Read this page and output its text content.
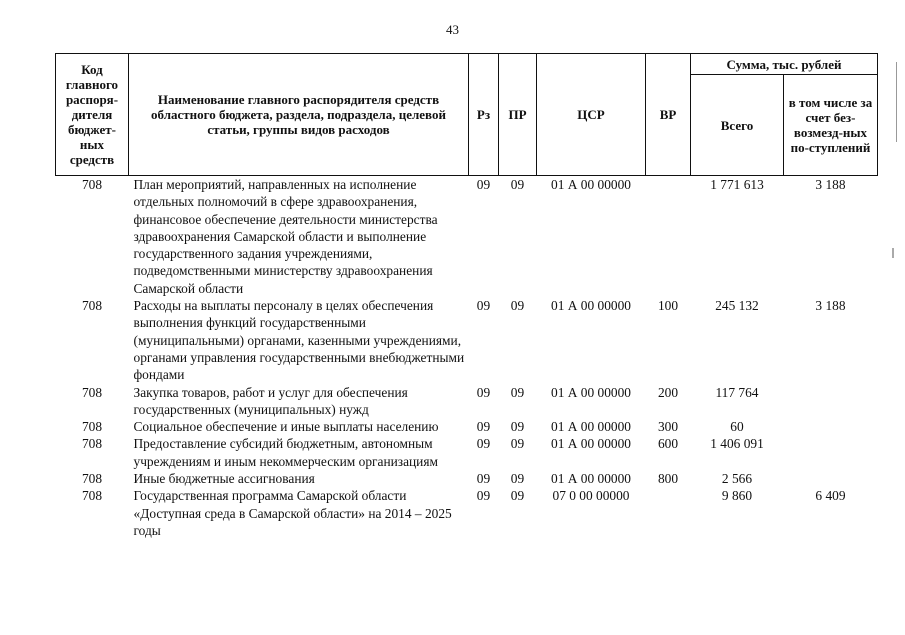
43
Код главного распоря-дителя бюджет-ных средств	Наименование главного распорядителя средств областного бюджета, раздела, подраздела, целевой статьи, группы видов расходов	Рз	ПР	ЦСР	ВР	Сумма, тыс. рублей	
						Всего	в том числе за счет без-возмезд-ных по-ступлений
708	План мероприятий, направленных на исполнение отдельных полномочий в сфере здравоохранения, финансовое обеспечение деятельности министерства здравоохранения Самарской области и выполнение государственного задания учреждениями, подведомственными министерству здравоохранения Самарской области	09	09	01 А 00 00000		1 771 613	3 188
708	Расходы на выплаты персоналу в целях обеспечения выполнения функций государственными (муниципальными) органами, казенными учреждениями, органами управления государственными внебюджетными фондами	09	09	01 А 00 00000	100	245 132	3 188
708	Закупка товаров, работ и услуг для обеспечения государственных (муниципальных) нужд	09	09	01 А 00 00000	200	117 764	
708	Социальное обеспечение и иные выплаты населению	09	09	01 А 00 00000	300	60	
708	Предоставление субсидий бюджетным, автономным учреждениям и иным некоммерческим организациям	09	09	01 А 00 00000	600	1 406 091	
708	Иные бюджетные ассигнования	09	09	01 А 00 00000	800	2 566	
708	Государственная программа Самарской области «Доступная среда в Самарской области» на 2014 – 2025 годы	09	09	07 0 00 00000		9 860	6 409
